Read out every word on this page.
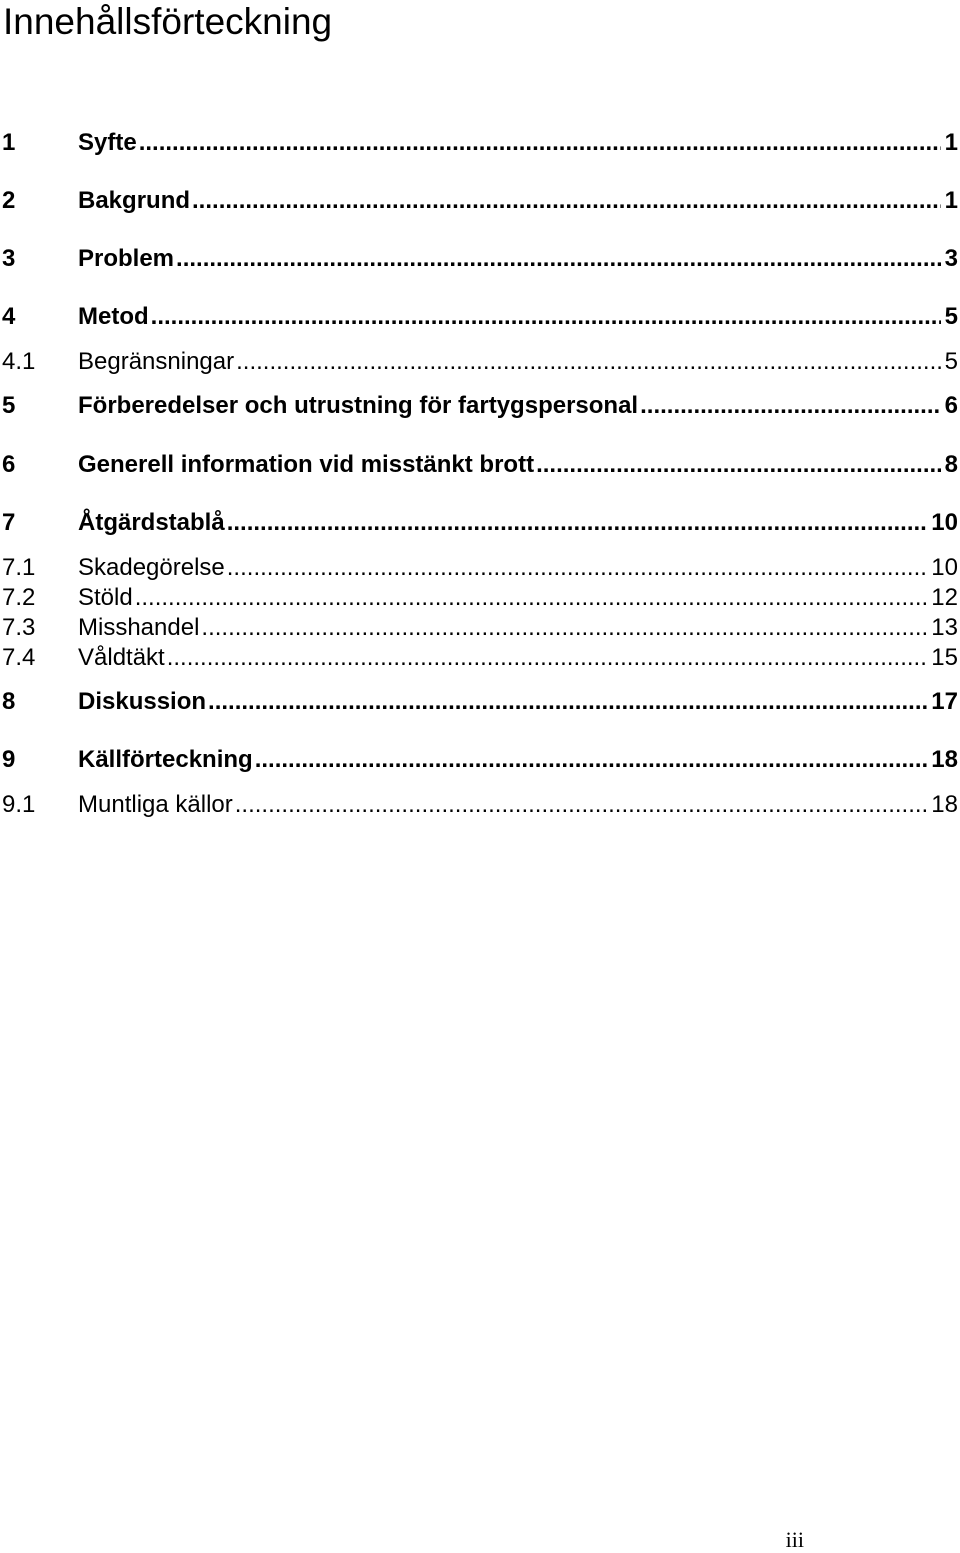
Innehållsförteckning
1	Syfte .....	1
2	Bakgrund .....	1
3	Problem .....	3
4	Metod .....	5
4.1	Begränsningar .....	5
5	Förberedelser och utrustning för fartygspersonal .....	6
6	Generell information vid misstänkt brott .....	8
7	Åtgärdstablå .....	10
7.1	Skadegörelse .....	10
7.2	Stöld .....	12
7.3	Misshandel .....	13
7.4	Våldtäkt .....	15
8	Diskussion .....	17
9	Källförteckning .....	18
9.1	Muntliga källor .....	18
iii
